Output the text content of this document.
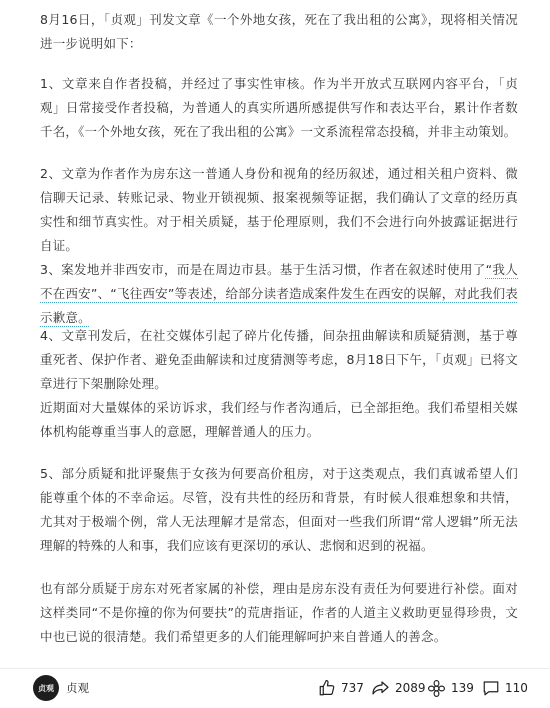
8月16日，「贞观」刊发文章《一个外地女孩，死在了我出租的公寓》，现将相关情况进一步说明如下：

1、文章来自作者投稿，并经过了事实性审核。作为半开放式互联网内容平台，「贞观」日常接受作者投稿，为普通人的真实所遇所感提供写作和表达平台，累计作者数千名，《一个外地女孩，死在了我出租的公寓》一文系流程常态投稿，并非主动策划。

2、文章为作者作为房东这一普通人身份和视角的经历叙述，通过相关租户资料、微信聊天记录、转账记录、物业开锁视频、报案视频等证据，我们确认了文章的经历真实性和细节真实性。对于相关质疑，基于伦理原则，我们不会进行向外披露证据进行自证。

3、案发地并非西安市，而是在周边市县。基于生活习惯，作者在叙述时使用了“我人不在西安”、“飞往西安”等表述，给部分读者造成案件发生在西安的误解，对此我们表示歉意。

4、文章刊发后，在社交媒体引起了碎片化传播，间杂扭曲解读和质疑猜测，基于尊重死者、保护作者、避免歪曲解读和过度猜测等考虑，8月18日下午，「贞观」已将文章进行下架删除处理。

近期面对大量媒体的采访诉求，我们经与作者沟通后，已全部拒绝。我们希望相关媒体机构能尊重当事人的意愿，理解普通人的压力。

5、部分质疑和批评聚焦于女孩为何要高价租房，对于这类观点，我们真诚希望人们能尊重个体的不幸命运。尽管，没有共性的经历和背景，有时候人很难想象和共情，尤其对于极端个例，常人无法理解才是常态，但面对一些我们所谓“常人逻辑”所无法理解的特殊的人和事，我们应该有更深切的承认、悲悯和迟到的祝福。

也有部分质疑于房东对死者家属的补偿，理由是房东没有责任为何要进行补偿。面对这样类同“不是你撞的你为何要扶”的荒唐指证，作者的人道主义救助更显得珍贵，文中也已说的很清楚。我们希望更多的人们能理解呵护来自普通人的善念。

贞观	贞观	737	2089 139	110
